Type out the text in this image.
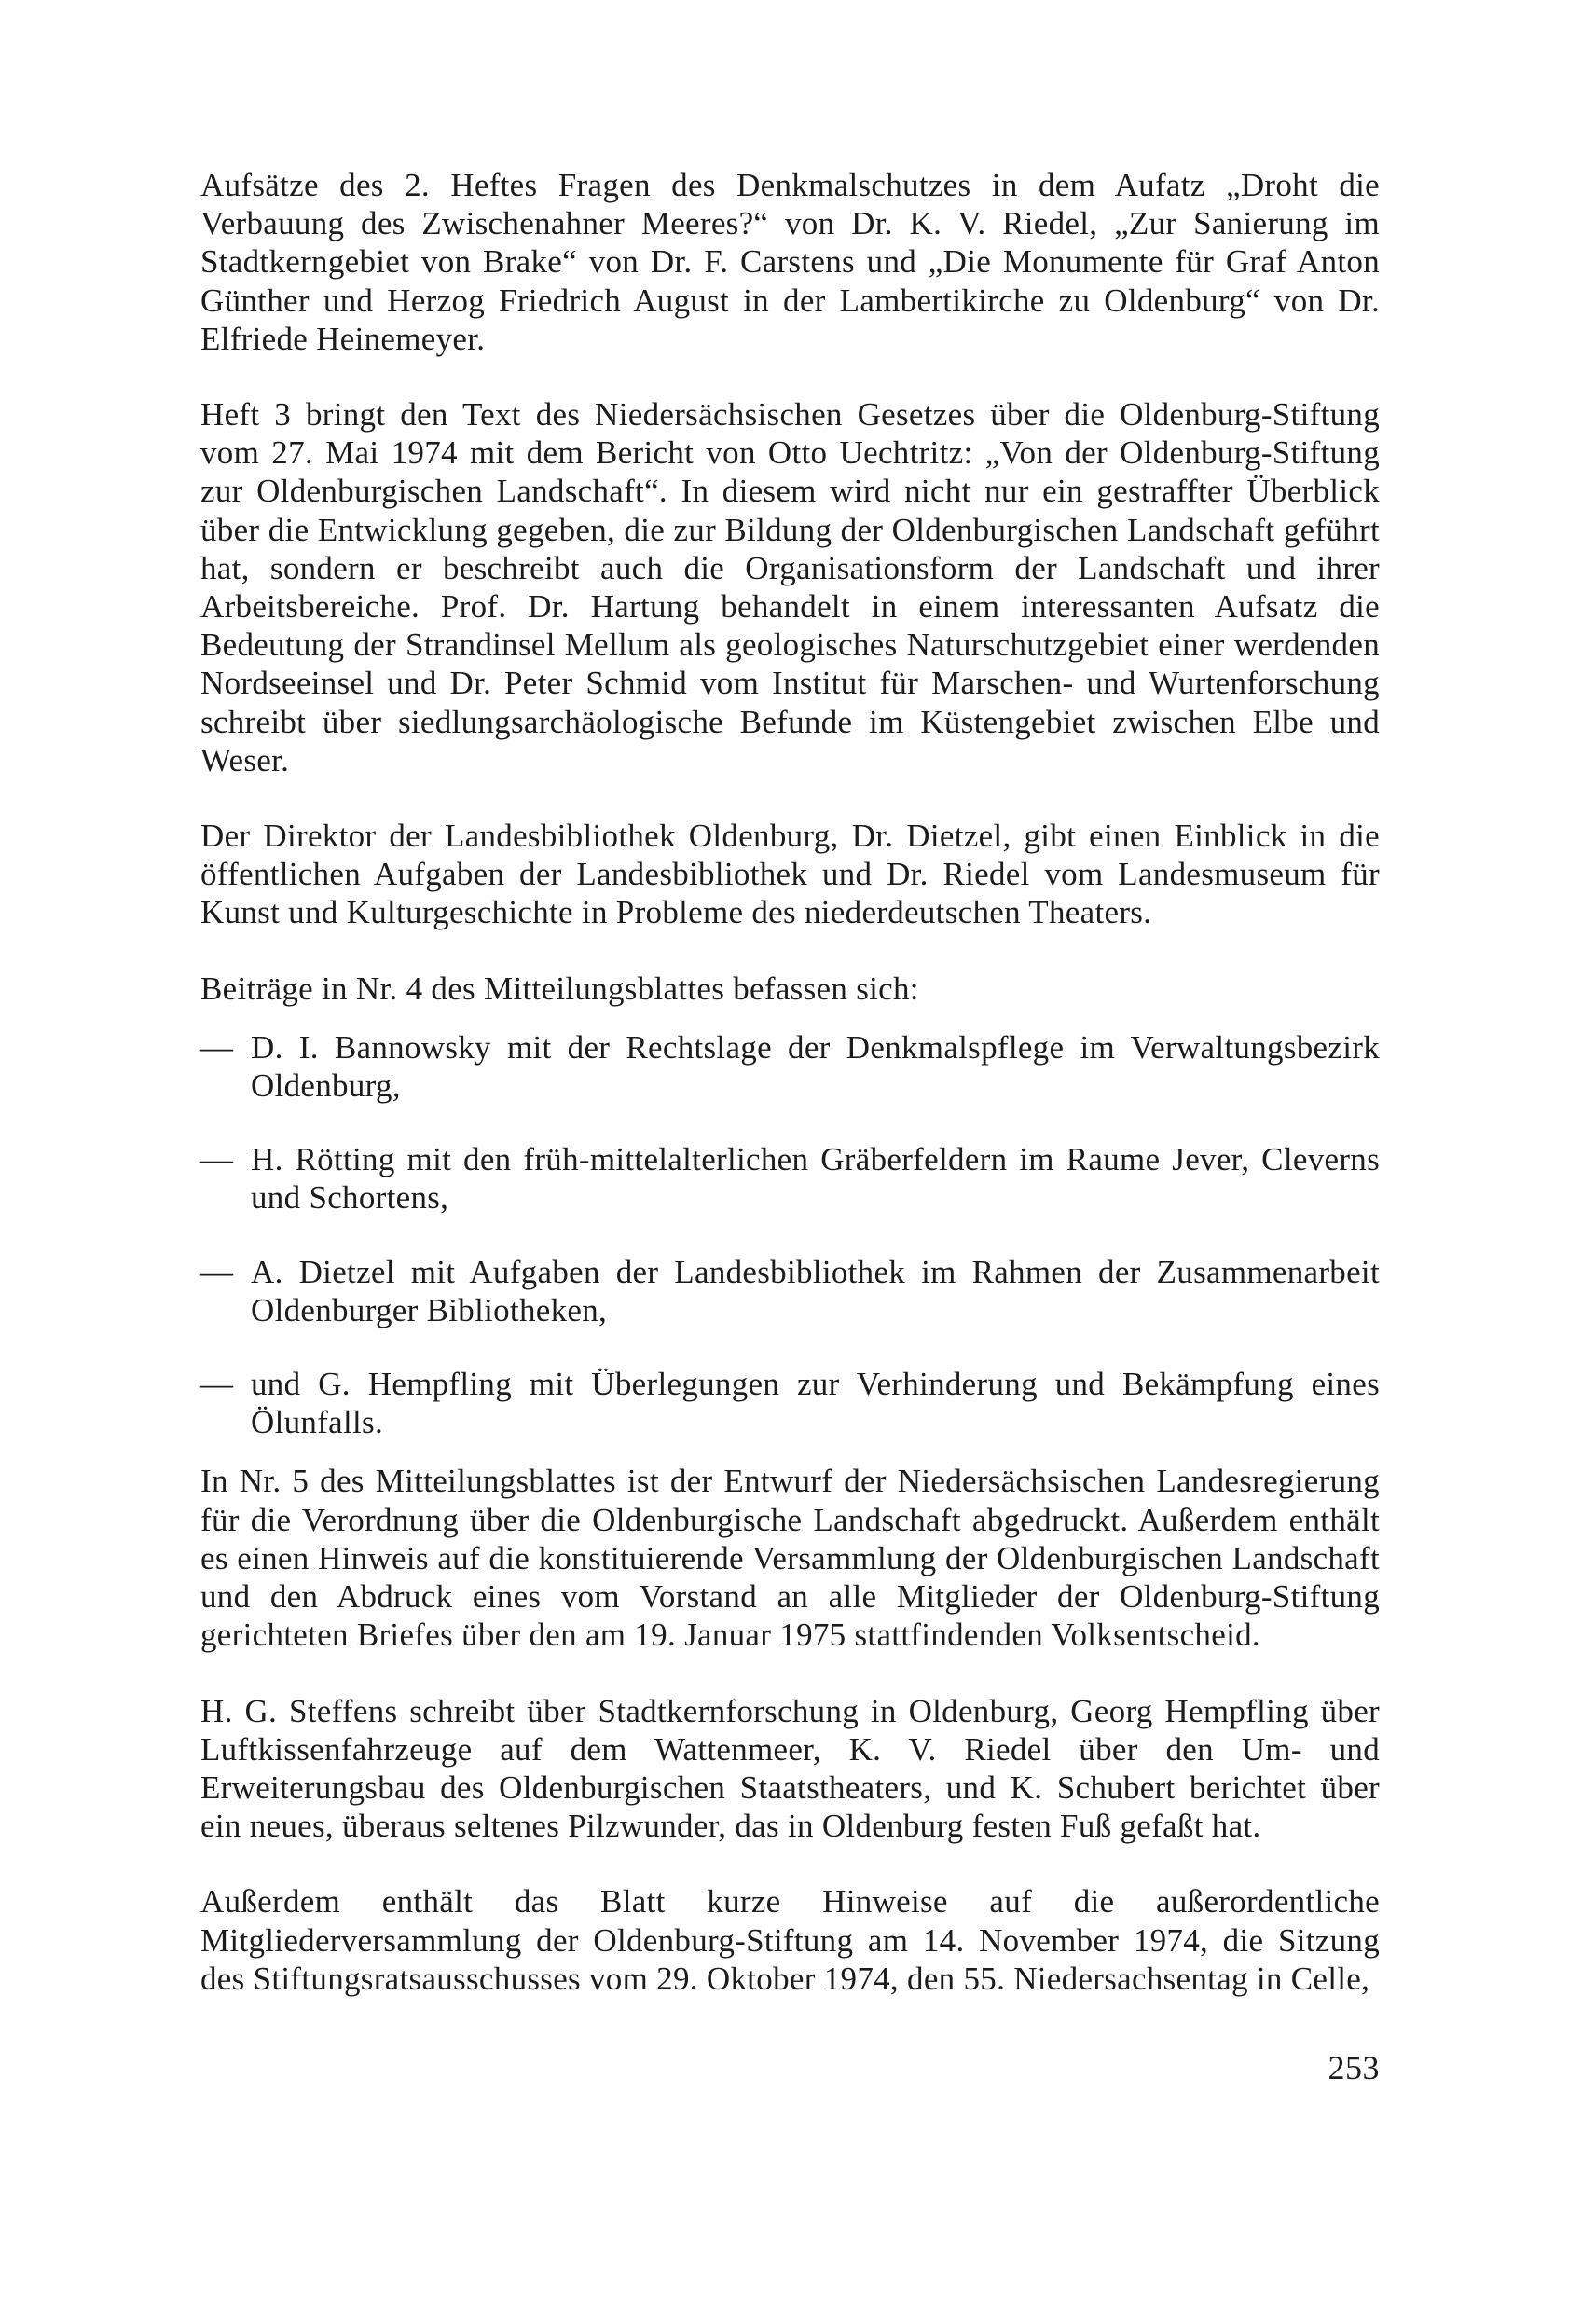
Aufsätze des 2. Heftes Fragen des Denkmalschutzes in dem Aufatz „Droht die Verbauung des Zwischenahner Meeres?“ von Dr. K. V. Riedel, „Zur Sanierung im Stadtkerngebiet von Brake“ von Dr. F. Carstens und „Die Monumente für Graf Anton Günther und Herzog Friedrich August in der Lambertikirche zu Oldenburg“ von Dr. Elfriede Heinemeyer.

Heft 3 bringt den Text des Niedersächsischen Gesetzes über die Oldenburg-Stiftung vom 27. Mai 1974 mit dem Bericht von Otto Uechtritz: „Von der Oldenburg-Stiftung zur Oldenburgischen Landschaft“. In diesem wird nicht nur ein gestraffter Überblick über die Entwicklung gegeben, die zur Bildung der Oldenburgischen Landschaft geführt hat, sondern er beschreibt auch die Organisationsform der Landschaft und ihrer Arbeitsbereiche. Prof. Dr. Hartung behandelt in einem interessanten Aufsatz die Bedeutung der Strandinsel Mellum als geologisches Naturschutzgebiet einer werdenden Nordseeinsel und Dr. Peter Schmid vom Institut für Marschen- und Wurtenforschung schreibt über siedlungsarchäologische Befunde im Küstengebiet zwischen Elbe und Weser.

Der Direktor der Landesbibliothek Oldenburg, Dr. Dietzel, gibt einen Einblick in die öffentlichen Aufgaben der Landesbibliothek und Dr. Riedel vom Landesmuseum für Kunst und Kulturgeschichte in Probleme des niederdeutschen Theaters.

Beiträge in Nr. 4 des Mitteilungsblattes befassen sich:

— D. I. Bannowsky mit der Rechtslage der Denkmalspflege im Verwaltungsbezirk Oldenburg,
— H. Rötting mit den früh-mittelalterlichen Gräberfeldern im Raume Jever, Cleverns und Schortens,
— A. Dietzel mit Aufgaben der Landesbibliothek im Rahmen der Zusammenarbeit Oldenburger Bibliotheken,
— und G. Hempfling mit Überlegungen zur Verhinderung und Bekämpfung eines Ölunfalls.

In Nr. 5 des Mitteilungsblattes ist der Entwurf der Niedersächsischen Landesregierung für die Verordnung über die Oldenburgische Landschaft abgedruckt. Außerdem enthält es einen Hinweis auf die konstituierende Versammlung der Oldenburgischen Landschaft und den Abdruck eines vom Vorstand an alle Mitglieder der Oldenburg-Stiftung gerichteten Briefes über den am 19. Januar 1975 stattfindenden Volksentscheid.

H. G. Steffens schreibt über Stadtkernforschung in Oldenburg, Georg Hempfling über Luftkissenfahrzeuge auf dem Wattenmeer, K. V. Riedel über den Um- und Erweiterungsbau des Oldenburgischen Staatstheaters, und K. Schubert berichtet über ein neues, überaus seltenes Pilzwunder, das in Oldenburg festen Fuß gefaßt hat.

Außerdem enthält das Blatt kurze Hinweise auf die außerordentliche Mitgliederversammlung der Oldenburg-Stiftung am 14. November 1974, die Sitzung des Stiftungsratsausschusses vom 29. Oktober 1974, den 55. Niedersachsentag in Celle,

253
